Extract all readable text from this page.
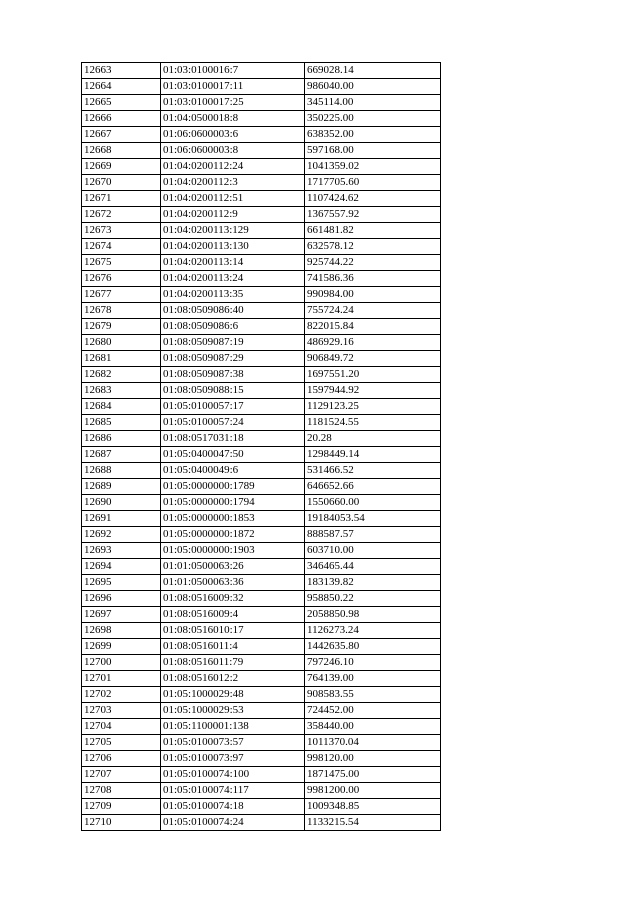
12663	01:03:0100016:7	669028.14
12664	01:03:0100017:11	986040.00
12665	01:03:0100017:25	345114.00
12666	01:04:0500018:8	350225.00
12667	01:06:0600003:6	638352.00
12668	01:06:0600003:8	597168.00
12669	01:04:0200112:24	1041359.02
12670	01:04:0200112:3	1717705.60
12671	01:04:0200112:51	1107424.62
12672	01:04:0200112:9	1367557.92
12673	01:04:0200113:129	661481.82
12674	01:04:0200113:130	632578.12
12675	01:04:0200113:14	925744.22
12676	01:04:0200113:24	741586.36
12677	01:04:0200113:35	990984.00
12678	01:08:0509086:40	755724.24
12679	01:08:0509086:6	822015.84
12680	01:08:0509087:19	486929.16
12681	01:08:0509087:29	906849.72
12682	01:08:0509087:38	1697551.20
12683	01:08:0509088:15	1597944.92
12684	01:05:0100057:17	1129123.25
12685	01:05:0100057:24	1181524.55
12686	01:08:0517031:18	20.28
12687	01:05:0400047:50	1298449.14
12688	01:05:0400049:6	531466.52
12689	01:05:0000000:1789	646652.66
12690	01:05:0000000:1794	1550660.00
12691	01:05:0000000:1853	19184053.54
12692	01:05:0000000:1872	888587.57
12693	01:05:0000000:1903	603710.00
12694	01:01:0500063:26	346465.44
12695	01:01:0500063:36	183139.82
12696	01:08:0516009:32	958850.22
12697	01:08:0516009:4	2058850.98
12698	01:08:0516010:17	1126273.24
12699	01:08:0516011:4	1442635.80
12700	01:08:0516011:79	797246.10
12701	01:08:0516012:2	764139.00
12702	01:05:1000029:48	908583.55
12703	01:05:1000029:53	724452.00
12704	01:05:1100001:138	358440.00
12705	01:05:0100073:57	1011370.04
12706	01:05:0100073:97	998120.00
12707	01:05:0100074:100	1871475.00
12708	01:05:0100074:117	9981200.00
12709	01:05:0100074:18	1009348.85
12710	01:05:0100074:24	1133215.54
